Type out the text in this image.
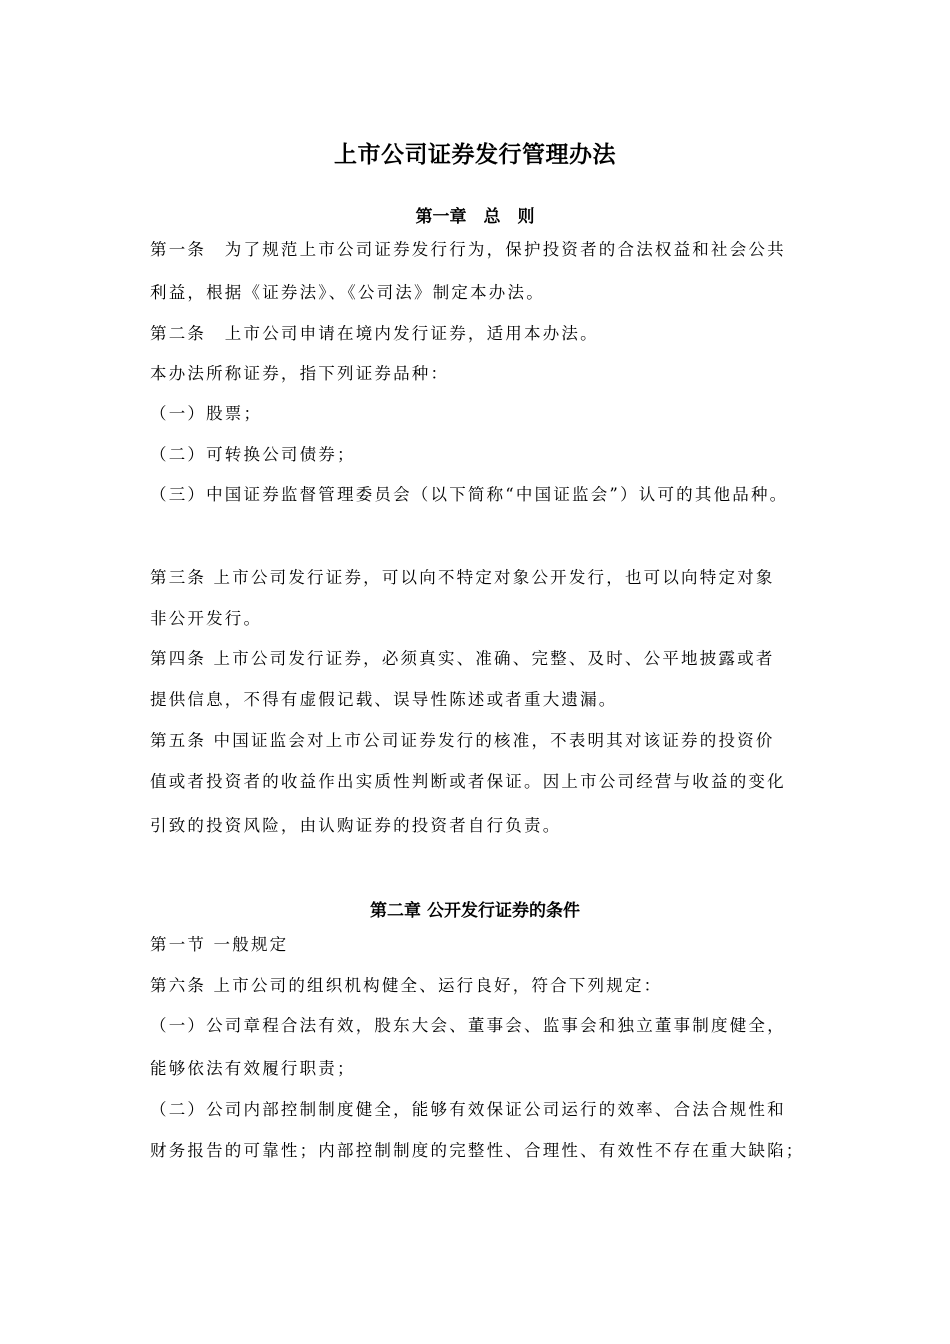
上市公司证券发行管理办法
第一章　总　则
第一条　为了规范上市公司证券发行行为，保护投资者的合法权益和社会公共
利益，根据《证券法》、《公司法》制定本办法。
第二条　上市公司申请在境内发行证券，适用本办法。
本办法所称证券，指下列证券品种：
（一）股票；
（二）可转换公司债券；
（三）中国证券监督管理委员会（以下简称“中国证监会”）认可的其他品种。
第三条 上市公司发行证券，可以向不特定对象公开发行，也可以向特定对象
非公开发行。
第四条 上市公司发行证券，必须真实、准确、完整、及时、公平地披露或者
提供信息，不得有虚假记载、误导性陈述或者重大遗漏。
第五条 中国证监会对上市公司证券发行的核准，不表明其对该证券的投资价
值或者投资者的收益作出实质性判断或者保证。因上市公司经营与收益的变化
引致的投资风险，由认购证券的投资者自行负责。
第二章 公开发行证券的条件
第一节 一般规定
第六条 上市公司的组织机构健全、运行良好，符合下列规定：
（一）公司章程合法有效，股东大会、董事会、监事会和独立董事制度健全，
能够依法有效履行职责；
（二）公司内部控制制度健全，能够有效保证公司运行的效率、合法合规性和
财务报告的可靠性；内部控制制度的完整性、合理性、有效性不存在重大缺陷；
